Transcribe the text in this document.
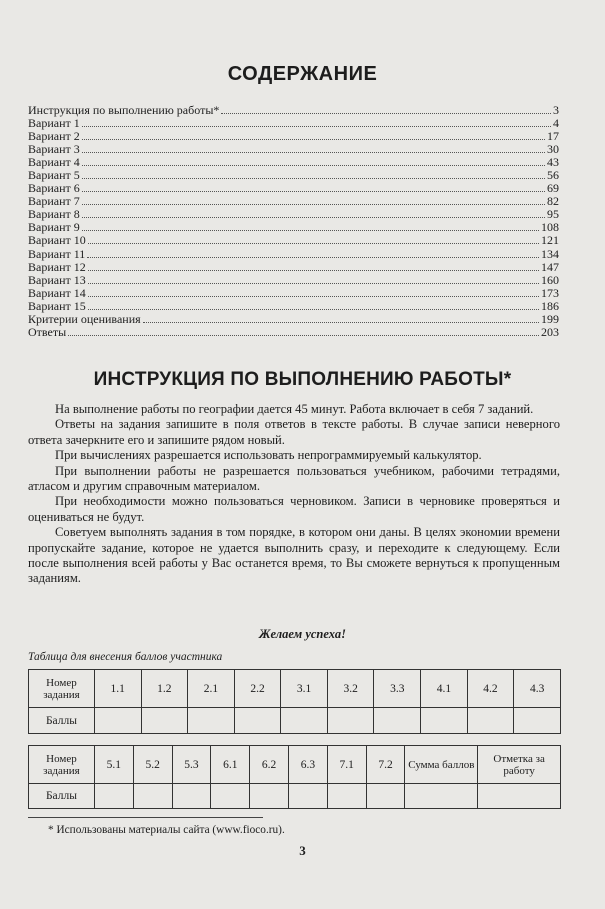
СОДЕРЖАНИЕ
Инструкция по выполнению работы*	3
Вариант 1	4
Вариант 2	17
Вариант 3	30
Вариант 4	43
Вариант 5	56
Вариант 6	69
Вариант 7	82
Вариант 8	95
Вариант 9	108
Вариант 10	121
Вариант 11	134
Вариант 12	147
Вариант 13	160
Вариант 14	173
Вариант 15	186
Критерии оценивания	199
Ответы	203
ИНСТРУКЦИЯ ПО ВЫПОЛНЕНИЮ РАБОТЫ*

На выполнение работы по географии дается 45 минут. Работа включает в себя 7 заданий.

Ответы на задания запишите в поля ответов в тексте работы. В случае записи неверного ответа зачеркните его и запишите рядом новый.

При вычислениях разрешается использовать непрограммируемый калькулятор.

При выполнении работы не разрешается пользоваться учебником, рабочими тетрадями, атласом и другим справочным материалом.

При необходимости можно пользоваться черновиком. Записи в черновике проверяться и оцениваться не будут.

Советуем выполнять задания в том порядке, в котором они даны. В целях экономии времени пропускайте задание, которое не удается выполнить сразу, и переходите к следующему. Если после выполнения всей работы у Вас останется время, то Вы сможете вернуться к пропущенным заданиям.

Желаем успеха!
Таблица для внесения баллов участника
Номер задания	1.1	1.2	2.1	2.2	3.1	3.2	3.3	4.1	4.2	4.3
Баллы										
Номер задания	5.1	5.2	5.3	6.1	6.2	6.3	7.1	7.2	Сумма баллов	Отметка за работу
Баллы										
* Использованы материалы сайта (www.fioco.ru).
3
